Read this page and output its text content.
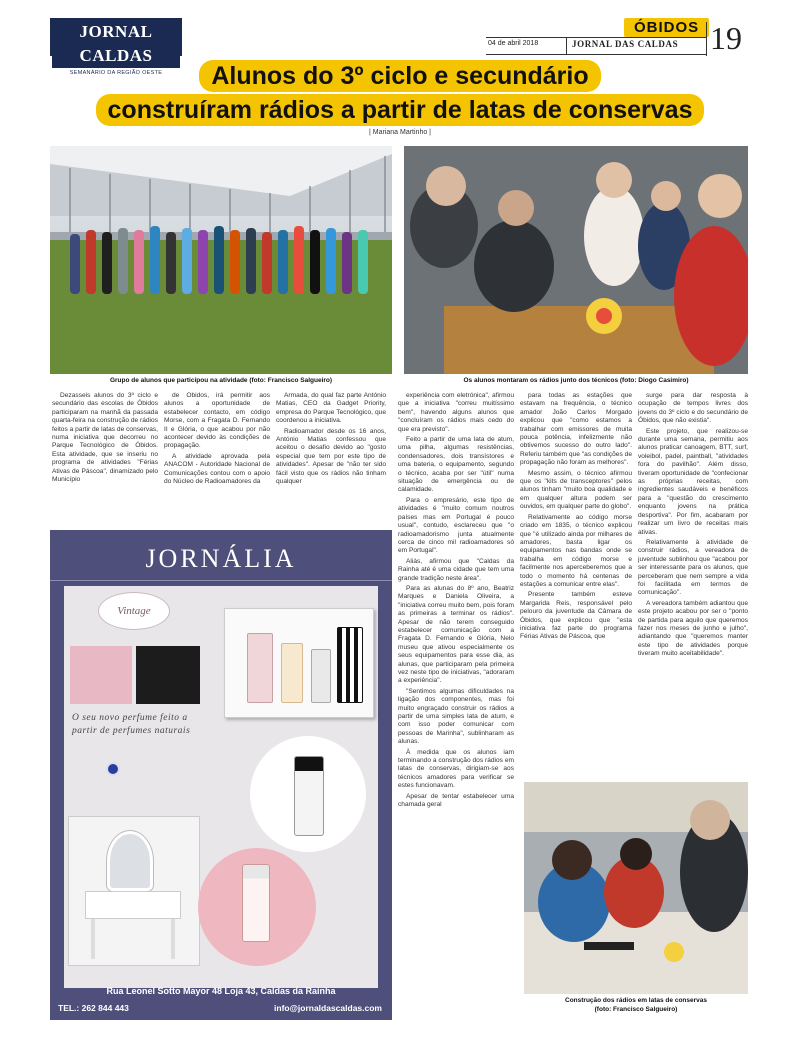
JORNAL CALDAS
SEMANÁRIO DA REGIÃO OESTE
ÓBIDOS
04 de abril 2018	JORNAL DAS CALDAS 19
Alunos do 3º ciclo e secundário
construíram rádios a partir de latas de conservas
| Mariana Martinho |
Grupo de alunos que participou na atividade (foto: Francisco Salgueiro)	Os alunos montaram os rádios junto dos técnicos (foto: Diogo Casimiro)

Dezasseis alunos do 3º ciclo e secundário das escolas de Óbidos participaram na manhã da passada quarta-feira na construção de rádios feitos a partir de latas de conservas, numa iniciativa que decorreu no Parque Tecnológico de Óbidos. Esta atividade, que se inseriu no programa de atividades "Férias Ativas de Páscoa", dinamizado pelo Município

de Óbidos, irá permitir aos alunos a oportunidade de estabelecer contacto, em código Morse, com a Fragata D. Fernando II e Glória, o que acabou por não acontecer devido às condições de propagação.

A atividade aprovada pela ANACOM - Autoridade Nacional de Comunicações contou com o apoio do Núcleo de Radioamadores da

Armada, do qual faz parte António Matias, CEO da Gadget Priority, empresa do Parque Tecnológico, que coordenou a iniciativa.

Radioamador desde os 16 anos, António Matias confessou que aceitou o desafio devido ao "gosto especial que tem por este tipo de atividades". Apesar de "não ter sido fácil visto que os rádios não tinham qualquer

experiência com eletrónica", afirmou que a iniciativa "correu muitíssimo bem", havendo alguns alunos que "concluíram os rádios mais cedo do que era previsto".

Feito a partir de uma lata de atum, uma pilha, algumas resistências, condensadores, dois transístores e uma bateria, o equipamento, segundo o técnico, acaba por ser "útil" numa situação de emergência ou de calamidade.

Para o empresário, este tipo de atividades é "muito comum noutros países mas em Portugal é pouco usual", contudo, esclareceu que "o radioamadorismo junta atualmente cerca de cinco mil radioamadores só em Portugal".

Aliás, afirmou que "Caldas da Rainha até é uma cidade que tem uma grande tradição neste área".

Para as alunas do 8º ano, Beatriz Marques e Daniela Oliveira, a "iniciativa correu muito bem, pois foram as primeiras a terminar os rádios". Apesar de não terem conseguido estabelecer comunicação com a Fragata D. Fernando e Glória, Nelo museu que ativou especialmente os seus equipamentos para esse dia, as alunas, que participaram pela primeira vez neste tipo de iniciativas, "adoraram a experiência".

"Sentimos algumas dificuldades na ligação dos componentes, mas foi muito engraçado construir os rádios a partir de uma simples lata de atum, e com isso poder comunicar com pessoas de Marinha", sublinharam as alunas.

À medida que os alunos iam terminando a construção dos rádios em latas de conservas, dirigiam-se aos técnicos amadores para verificar se estes funcionavam.

Apesar de tentar estabelecer uma chamada geral

para todas as estações que estavam na frequência, o técnico amador João Carlos Morgado explicou que "como estamos a trabalhar com emissores de muita pouca potência, infelizmente não obtivemos sucesso do outro lado". Referiu também que "as condições de propagação não foram as melhores".

Mesmo assim, o técnico afirmou que os "kits de transceptores" pelos alunos tinham "muito boa qualidade e em qualquer altura podem ser ouvidos, em qualquer parte do globo".

Relativamente ao código morse criado em 1835, o técnico explicou que "é utilizado ainda por milhares de amadores, basta ligar os equipamentos nas bandas onde se trabalha em código morse e facilmente nos aperceberemos que a todo o momento há centenas de estações a comunicar entre elas".

Presente também esteve Margarida Reis, responsável pelo pelouro da juventude da Câmara de Óbidos, que explicou que "esta iniciativa faz parte do programa Férias Ativas de Páscoa, que

surge para dar resposta à ocupação de tempos livres dos jovens do 3º ciclo e do secundário de Óbidos, que não existia".

Este projeto, que realizou-se durante uma semana, permitiu aos alunos praticar canoagem, BTT, surf, voleibol, padel, paintball, "atividades fora do pavilhão". Além disso, tiveram oportunidade de "confecionar as próprias receitas, com ingredientes saudáveis e benéficos para a "questão do crescimento enquanto jovens na prática desportiva". Por fim, acabaram por realizar um livro de receitas mais ativas.

Relativamente à atividade de construir rádios, a vereadora de juventude sublinhou que "acabou por ser interessante para os alunos, que perceberam que nem sempre a vida foi facilitada em termos de comunicação".

A vereadora também adiantou que este projeto acabou por ser o "ponto de partida para aquilo que queremos fazer nos meses de junho e julho", adiantando que "queremos manter este tipo de atividades porque tiveram muito aceitabilidade".

Construção dos rádios em latas de conservas
(foto: Francisco Salgueiro)
JORNÁLIA
Vintage
O seu novo perfume feito a
partir de perfumes naturais
Rua Leonel Sotto Mayor 48 Loja 43, Caldas da Rainha
TEL.: 262 844 443	info@jornaldascaldas.com
